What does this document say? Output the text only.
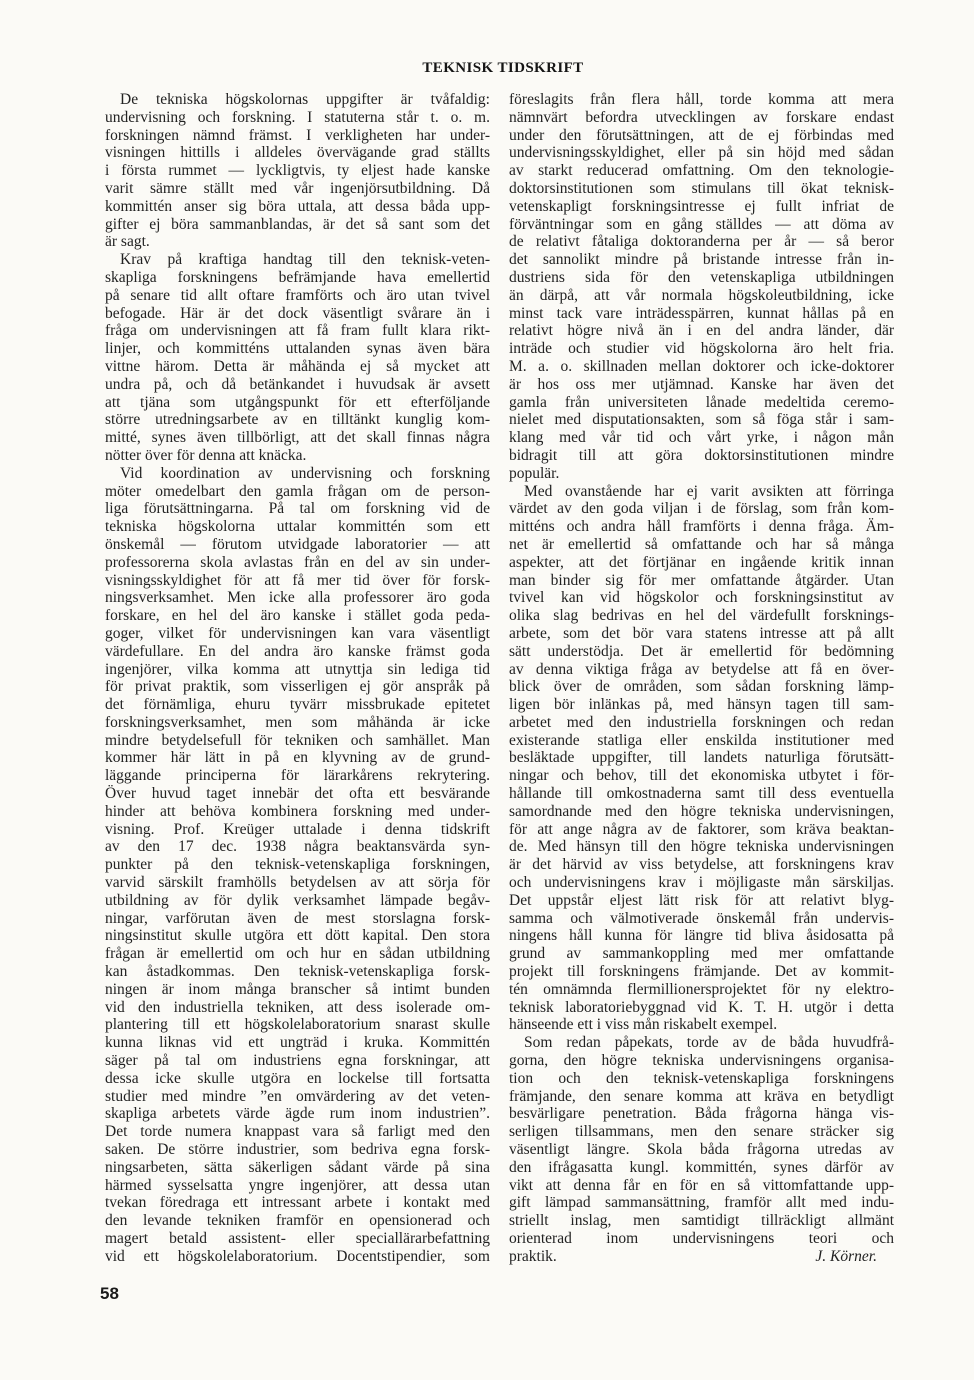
TEKNISK TIDSKRIFT
De tekniska högskolornas uppgifter är tvåfaldig:
undervisning och forskning. I statuterna står t. o. m.
forskningen nämnd främst. I verkligheten har under-
visningen hittills i alldeles övervägande grad ställts
i första rummet — lyckligtvis, ty eljest hade kanske
varit sämre ställt med vår ingenjörsutbildning. Då
kommittén anser sig böra uttala, att dessa båda upp-
gifter ej böra sammanblandas, är det så sant som det
är sagt.
Krav på kraftiga handtag till den teknisk-veten-
skapliga forskningens befrämjande hava emellertid
på senare tid allt oftare framförts och äro utan tvivel
befogade. Här är det dock väsentligt svårare än i
fråga om undervisningen att få fram fullt klara rikt-
linjer, och kommitténs uttalanden synas även bära
vittne härom. Detta är måhända ej så mycket att
undra på, och då betänkandet i huvudsak är avsett
att tjäna som utgångspunkt för ett efterföljande
större utredningsarbete av en tilltänkt kunglig kom-
mitté, synes även tillbörligt, att det skall finnas några
nötter över för denna att knäcka.
Vid koordination av undervisning och forskning
möter omedelbart den gamla frågan om de person-
liga förutsättningarna. På tal om forskning vid de
tekniska högskolorna uttalar kommittén som ett
önskemål — förutom utvidgade laboratorier — att
professorerna skola avlastas från en del av sin under-
visningsskyldighet för att få mer tid över för forsk-
ningsverksamhet. Men icke alla professorer äro goda
forskare, en hel del äro kanske i stället goda peda-
goger, vilket för undervisningen kan vara väsentligt
värdefullare. En del andra äro kanske främst goda
ingenjörer, vilka komma att utnyttja sin lediga tid
för privat praktik, som visserligen ej gör anspråk på
det förnämliga, ehuru tyvärr missbrukade epitetet
forskningsverksamhet, men som måhända är icke
mindre betydelsefull för tekniken och samhället. Man
kommer här lätt in på en klyvning av de grund-
läggande principerna för lärarkårens rekrytering.
Över huvud taget innebär det ofta ett besvärande
hinder att behöva kombinera forskning med under-
visning. Prof. Kreüger uttalade i denna tidskrift
av den 17 dec. 1938 några beaktansvärda syn-
punkter på den teknisk-vetenskapliga forskningen,
varvid särskilt framhölls betydelsen av att sörja för
utbildning av för dylik verksamhet lämpade begåv-
ningar, varförutan även de mest storslagna forsk-
ningsinstitut skulle utgöra ett dött kapital. Den stora
frågan är emellertid om och hur en sådan utbildning
kan åstadkommas. Den teknisk-vetenskapliga forsk-
ningen är inom många branscher så intimt bunden
vid den industriella tekniken, att dess isolerade om-
plantering till ett högskolelaboratorium snarast skulle
kunna liknas vid ett ungträd i kruka. Kommittén
säger på tal om industriens egna forskningar, att
dessa icke skulle utgöra en lockelse till fortsatta
studier med mindre ”en omvärdering av det veten-
skapliga arbetets värde ägde rum inom industrien”.
Det torde numera knappast vara så farligt med den
saken. De större industrier, som bedriva egna forsk-
ningsarbeten, sätta säkerligen sådant värde på sina
härmed sysselsatta yngre ingenjörer, att dessa utan
tvekan föredraga ett intressant arbete i kontakt med
den levande tekniken framför en opensionerad och
magert betald assistent- eller speciallärarbefattning
vid ett högskolelaboratorium. Docentstipendier, som
föreslagits från flera håll, torde komma att mera
nämnvärt befordra utvecklingen av forskare endast
under den förutsättningen, att de ej förbindas med
undervisningsskyldighet, eller på sin höjd med sådan
av starkt reducerad omfattning. Om den teknologie-
doktorsinstitutionen som stimulans till ökat teknisk-
vetenskapligt forskningsintresse ej fullt infriat de
förväntningar som en gång ställdes — att döma av
de relativt fåtaliga doktoranderna per år — så beror
det sannolikt mindre på bristande intresse från in-
dustriens sida för den vetenskapliga utbildningen
än därpå, att vår normala högskoleutbildning, icke
minst tack vare inträdesspärren, kunnat hållas på en
relativt högre nivå än i en del andra länder, där
inträde och studier vid högskolorna äro helt fria.
M. a. o. skillnaden mellan doktorer och icke-doktorer
är hos oss mer utjämnad. Kanske har även det
gamla från universiteten lånade medeltida ceremo-
nielet med disputationsakten, som så föga står i sam-
klang med vår tid och vårt yrke, i någon mån
bidragit till att göra doktorsinstitutionen mindre
populär.
Med ovanstående har ej varit avsikten att förringa
värdet av den goda viljan i de förslag, som från kom-
mitténs och andra håll framförts i denna fråga. Äm-
net är emellertid så omfattande och har så många
aspekter, att det förtjänar en ingående kritik innan
man binder sig för mer omfattande åtgärder. Utan
tvivel kan vid högskolor och forskningsinstitut av
olika slag bedrivas en hel del värdefullt forsknings-
arbete, som det bör vara statens intresse att på allt
sätt understödja. Det är emellertid för bedömning
av denna viktiga fråga av betydelse att få en över-
blick över de områden, som sådan forskning lämp-
ligen bör inlänkas på, med hänsyn tagen till sam-
arbetet med den industriella forskningen och redan
existerande statliga eller enskilda institutioner med
besläktade uppgifter, till landets naturliga förutsätt-
ningar och behov, till det ekonomiska utbytet i för-
hållande till omkostnaderna samt till dess eventuella
samordnande med den högre tekniska undervisningen,
för att ange några av de faktorer, som kräva beaktan-
de. Med hänsyn till den högre tekniska undervisningen
är det härvid av viss betydelse, att forskningens krav
och undervisningens krav i möjligaste mån särskiljas.
Det uppstår eljest lätt risk för att relativt blyg-
samma och välmotiverade önskemål från undervis-
ningens håll kunna för längre tid bliva åsidosatta på
grund av sammankoppling med mer omfattande
projekt till forskningens främjande. Det av kommit-
tén omnämnda flermillionersprojektet för ny elektro-
teknisk laboratoriebyggnad vid K. T. H. utgör i detta
hänseende ett i viss mån riskabelt exempel.
Som redan påpekats, torde av de båda huvudfrå-
gorna, den högre tekniska undervisningens organisa-
tion och den teknisk-vetenskapliga forskningens
främjande, den senare komma att kräva en betydligt
besvärligare penetration. Båda frågorna hänga vis-
serligen tillsammans, men den senare sträcker sig
väsentligt längre. Skola båda frågorna utredas av
den ifrågasatta kungl. kommittén, synes därför av
vikt att denna får en för en så vittomfattande upp-
gift lämpad sammansättning, framför allt med indu-
striellt inslag, men samtidigt tillräckligt allmänt
orienterad inom undervisningens teori och
praktik.	J. Körner.
58
